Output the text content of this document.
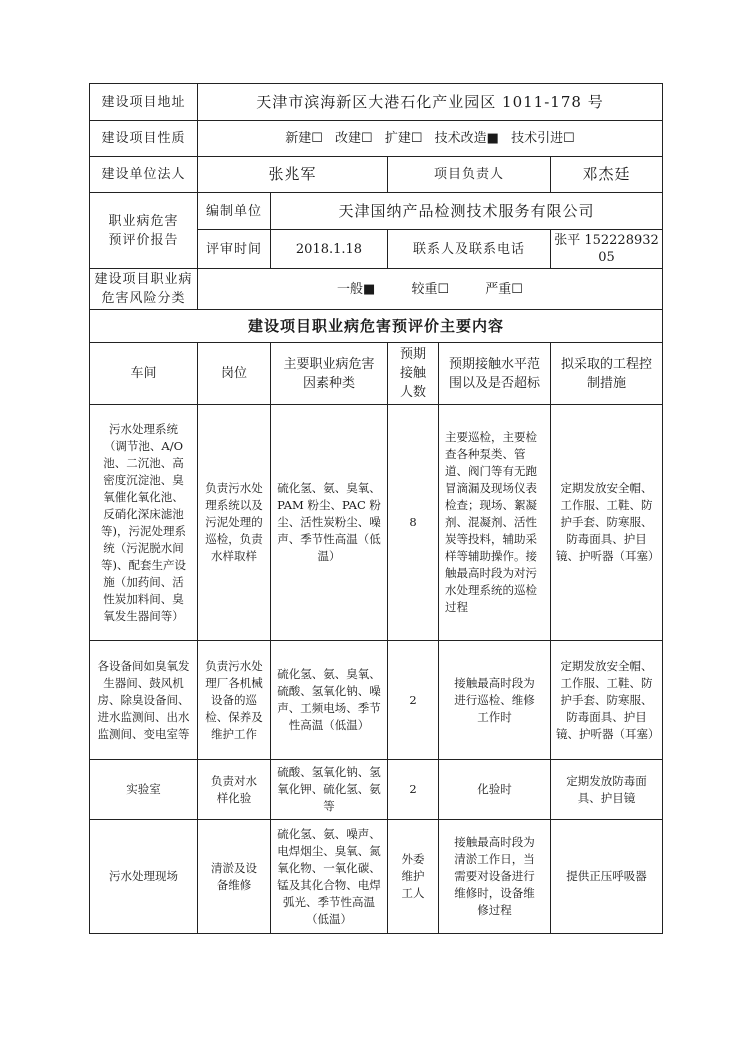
建设项目地址	天津市滨海新区大港石化产业园区 1011-178 号				
建设项目性质	新建☐ 改建☐ 扩建☐ 技术改造■ 技术引进☐				
建设单位法人	张兆军		项目负责人		邓杰廷
职业病危害预评价报告	编制单位	天津国纳产品检测技术服务有限公司			
	评审时间	2018.1.18	联系人及联系电话		张平 15222893205
建设项目职业病危害风险分类	一般■ 较重☐ 严重☐				
建设项目职业病危害预评价主要内容					
车间	岗位	主要职业病危害因素种类	预期接触人数	预期接触水平范围以及是否超标	拟采取的工程控制措施
污水处理系统（调节池、A/O池、二沉池、高密度沉淀池、臭氧催化氧化池、反硝化深床滤池等)，污泥处理系统（污泥脱水间等)、配套生产设施（加药间、活性炭加料间、臭氧发生器间等）	负责污水处理系统以及污泥处理的巡检，负责水样取样	硫化氢、氨、臭氧、PAM 粉尘、PAC 粉尘、活性炭粉尘、噪声、季节性高温（低温）	8	主要巡检，主要检查各种泵类、管道、阀门等有无跑冒滴漏及现场仪表检查；现场、絮凝剂、混凝剂、活性炭等投料，辅助采样等辅助操作。接触最高时段为对污水处理系统的巡检过程	定期发放安全帽、工作服、工鞋、防护手套、防寒服、防毒面具、护目镜、护听器（耳塞）
各设备间如臭氧发生器间、鼓风机房、除臭设备间、进水监测间、出水监测间、变电室等	负责污水处理厂各机械设备的巡检、保养及维护工作	硫化氢、氨、臭氧、硫酸、氢氧化钠、噪声、工频电场、季节性高温（低温）	2	接触最高时段为进行巡检、维修工作时	定期发放安全帽、工作服、工鞋、防护手套、防寒服、防毒面具、护目镜、护听器（耳塞）
实验室	负责对水样化验	硫酸、氢氧化钠、氢氧化钾、硫化氢、氨等	2	化验时	定期发放防毒面具、护目镜
污水处理现场	清淤及设备维修	硫化氢、氨、噪声、电焊烟尘、臭氧、氮氧化物、一氧化碳、锰及其化合物、电焊弧光、季节性高温（低温）	外委维护工人	接触最高时段为清淤工作日，当需要对设备进行维修时，设备维修过程	提供正压呼吸器
